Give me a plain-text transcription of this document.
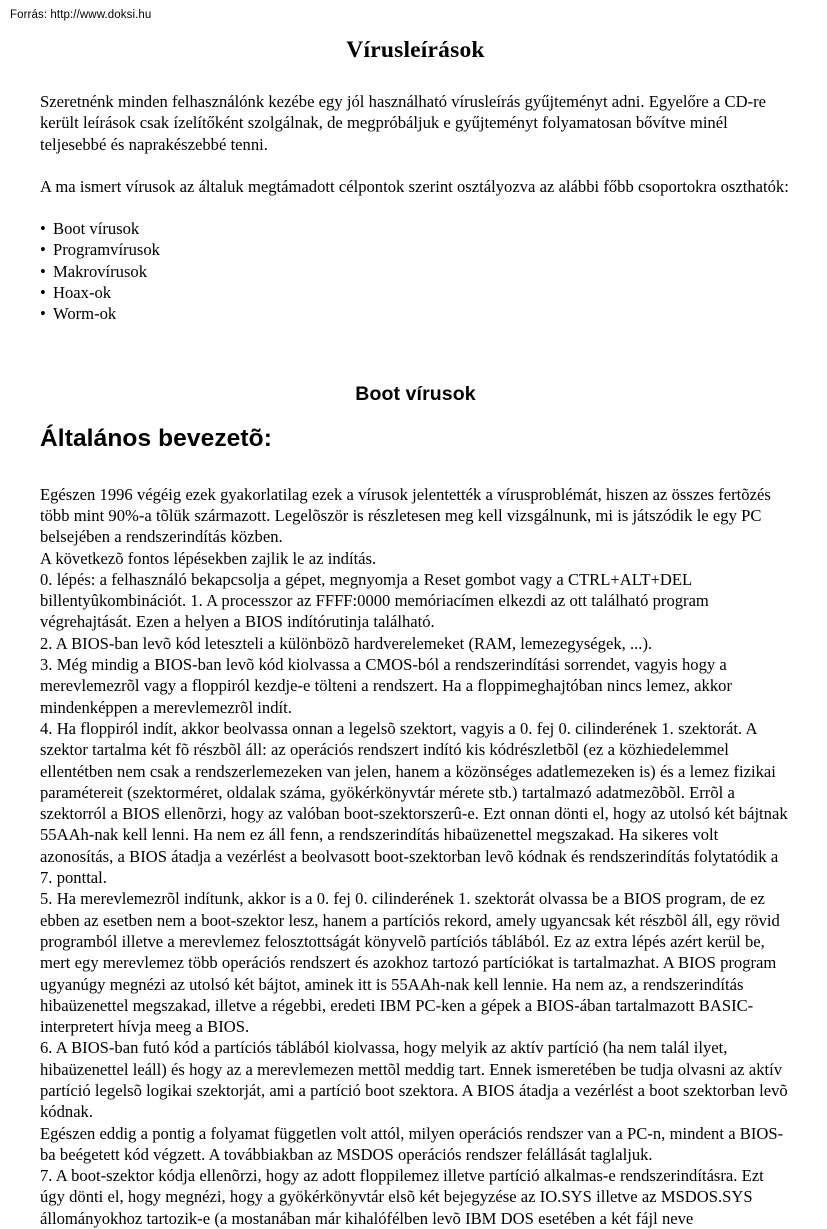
Forrás: http://www.doksi.hu
Vírusleírások

Szeretnénk minden felhasználónk kezébe egy jól használható vírusleírás gyűjteményt adni. Egyelőre a CD-re került leírások csak ízelítőként szolgálnak, de megpróbáljuk e gyűjteményt folyamatosan bővítve minél teljesebbé és naprakészebbé tenni.

A ma ismert vírusok az általuk megtámadott célpontok szerint osztályozva az alábbi főbb csoportokra oszthatók:

• Boot vírusok
• Programvírusok
• Makrovírusok
• Hoax-ok
• Worm-ok
Boot vírusok
Általános bevezetõ:

Egészen 1996 végéig ezek gyakorlatilag ezek a vírusok jelentették a vírusproblémát, hiszen az összes fertõzés több mint 90%-a tõlük származott. Legelõször is részletesen meg kell vizsgálnunk, mi is játszódik le egy PC belsejében a rendszerindítás közben.

A következõ fontos lépésekben zajlik le az indítás.

0. lépés: a felhasználó bekapcsolja a gépet, megnyomja a Reset gombot vagy a CTRL+ALT+DEL billentyûkombinációt. 1. A processzor az FFFF:0000 memóriacímen elkezdi az ott található program végrehajtását. Ezen a helyen a BIOS indítórutinja található.

2. A BIOS-ban levõ kód leteszteli a különbözõ hardverelemeket (RAM, lemezegységek, ...).

3. Még mindig a BIOS-ban levõ kód kiolvassa a CMOS-ból a rendszerindítási sorrendet, vagyis hogy a merevlemezrõl vagy a floppiról kezdje-e tölteni a rendszert. Ha a floppimeghajtóban nincs lemez, akkor mindenképpen a merevlemezrõl indít.

4. Ha floppiról indít, akkor beolvassa onnan a legelsõ szektort, vagyis a 0. fej 0. cilinderének 1. szektorát. A szektor tartalma két fõ részbõl áll: az operációs rendszert indító kis kódrészletbõl (ez a közhiedelemmel ellentétben nem csak a rendszerlemezeken van jelen, hanem a közönséges adatlemezeken is) és a lemez fizikai paramétereit (szektorméret, oldalak száma, gyökérkönyvtár mérete stb.) tartalmazó adatmezõbõl. Errõl a szektorról a BIOS ellenõrzi, hogy az valóban boot-szektorszerû-e. Ezt onnan dönti el, hogy az utolsó két bájtnak 55AAh-nak kell lenni. Ha nem ez áll fenn, a rendszerindítás hibaüzenettel megszakad. Ha sikeres volt azonosítás, a BIOS átadja a vezérlést a beolvasott boot-szektorban levõ kódnak és rendszerindítás folytatódik a 7. ponttal.

5. Ha merevlemezrõl indítunk, akkor is a 0. fej 0. cilinderének 1. szektorát olvassa be a BIOS program, de ez ebben az esetben nem a boot-szektor lesz, hanem a partíciós rekord, amely ugyancsak két részbõl áll, egy rövid programból illetve a merevlemez felosztottságát könyvelõ partíciós táblából. Ez az extra lépés azért kerül be, mert egy merevlemez több operációs rendszert és azokhoz tartozó partíciókat is tartalmazhat. A BIOS program ugyanúgy megnézi az utolsó két bájtot, aminek itt is 55AAh-nak kell lennie. Ha nem az, a rendszerindítás hibaüzenettel megszakad, illetve a régebbi, eredeti IBM PC-ken a gépek a BIOS-ában tartalmazott BASIC-interpretert hívja meeg a BIOS.

6. A BIOS-ban futó kód a partíciós táblából kiolvassa, hogy melyik az aktív partíció (ha nem talál ilyet, hibaüzenettel leáll) és hogy az a merevlemezen mettõl meddig tart. Ennek ismeretében be tudja olvasni az aktív partíció legelsõ logikai szektorját, ami a partíció boot szektora. A BIOS átadja a vezérlést a boot szektorban levõ kódnak.

Egészen eddig a pontig a folyamat független volt attól, milyen operációs rendszer van a PC-n, mindent a BIOS-ba beégetett kód végzett. A továbbiakban az MSDOS operációs rendszer felállását taglaljuk.

7. A boot-szektor kódja ellenõrzi, hogy az adott floppilemez illetve partíció alkalmas-e rendszerindításra. Ezt úgy dönti el, hogy megnézi, hogy a gyökérkönyvtár elsõ két bejegyzése az IO.SYS illetve az MSDOS.SYS állományokhoz tartozik-e (a mostanában már kihalófélben levõ IBM DOS esetében a két fájl neve
